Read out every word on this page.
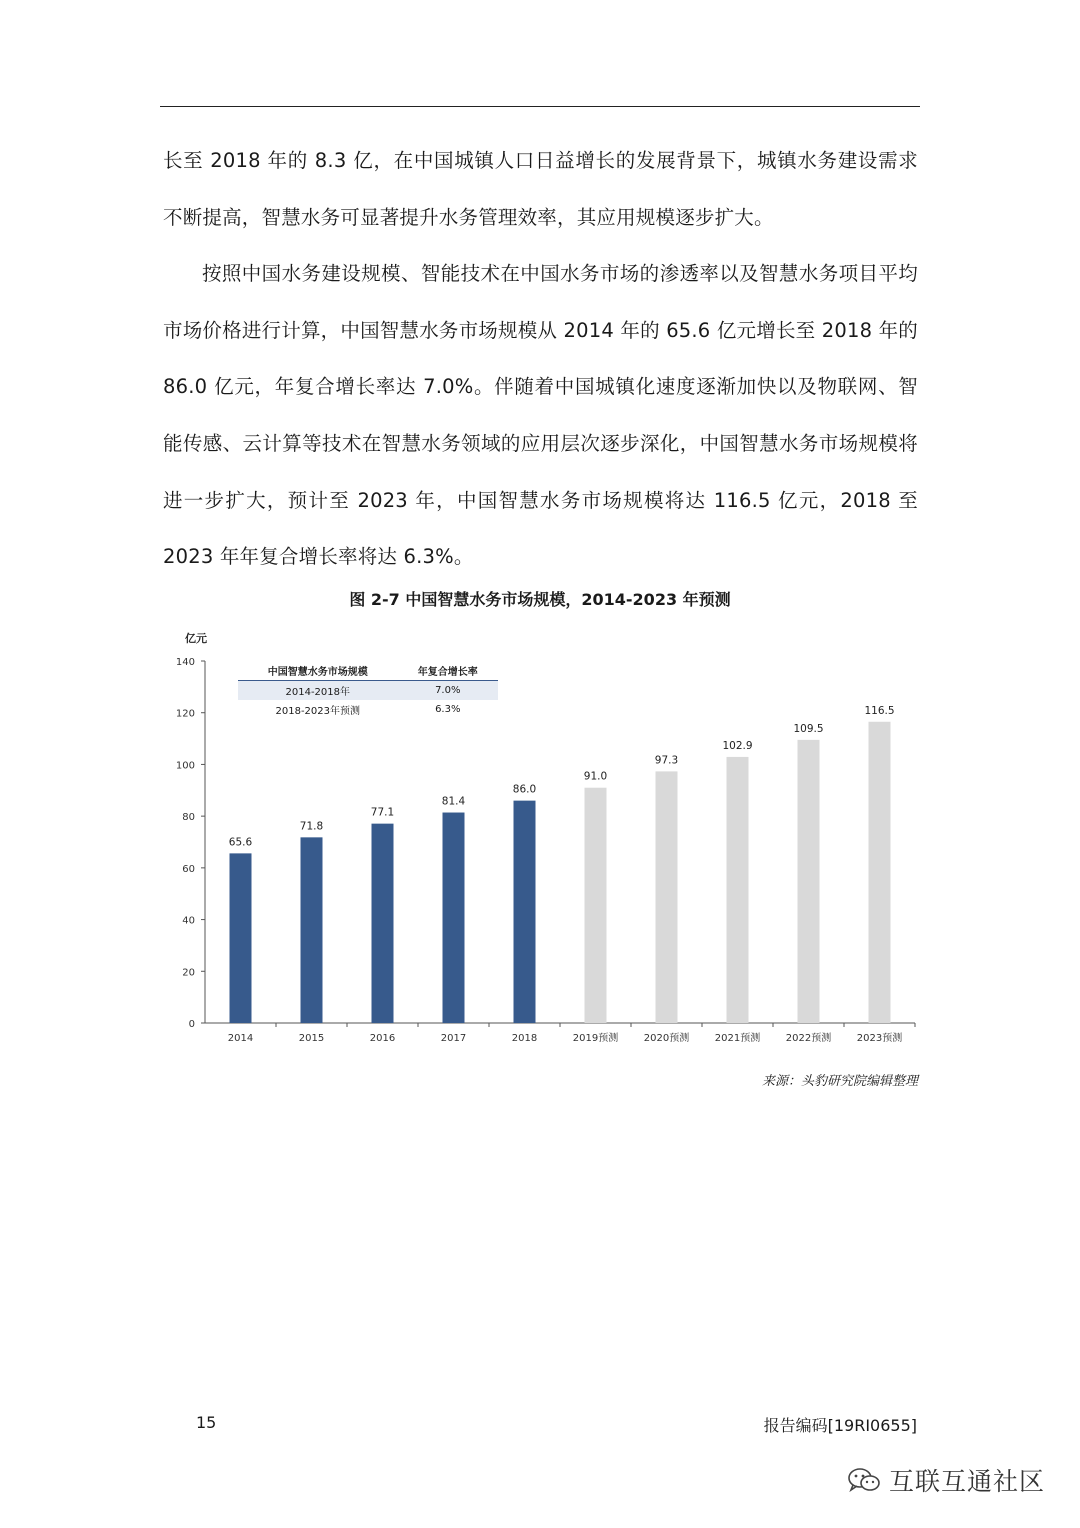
长至 2018 年的 8.3 亿，在中国城镇人口日益增长的发展背景下，城镇水务建设需求不断提高，智慧水务可显著提升水务管理效率，其应用规模逐步扩大。

按照中国水务建设规模、智能技术在中国水务市场的渗透率以及智慧水务项目平均市场价格进行计算，中国智慧水务市场规模从 2014 年的 65.6 亿元增长至 2018 年的 86.0 亿元，年复合增长率达 7.0%。伴随着中国城镇化速度逐渐加快以及物联网、智能传感、云计算等技术在智慧水务领域的应用层次逐步深化，中国智慧水务市场规模将进一步扩大，预计至 2023 年，中国智慧水务市场规模将达 116.5 亿元，2018 至 2023 年年复合增长率将达 6.3%。

图 2-7 中国智慧水务市场规模，2014-2023 年预测
亿元
0
20
40
60
80
100
120
140
65.6
2014
71.8
2015
77.1
2016
81.4
2017
86.0
2018
91.0
2019预测
97.3
2020预测
102.9
2021预测
109.5
2022预测
116.5
2023预测
中国智慧水务市场规模	年复合增长率
2014-2018年	7.0%
2018-2023年预测	6.3%
来源：头豹研究院编辑整理
15	报告编码[19RI0655]
互联互通社区
